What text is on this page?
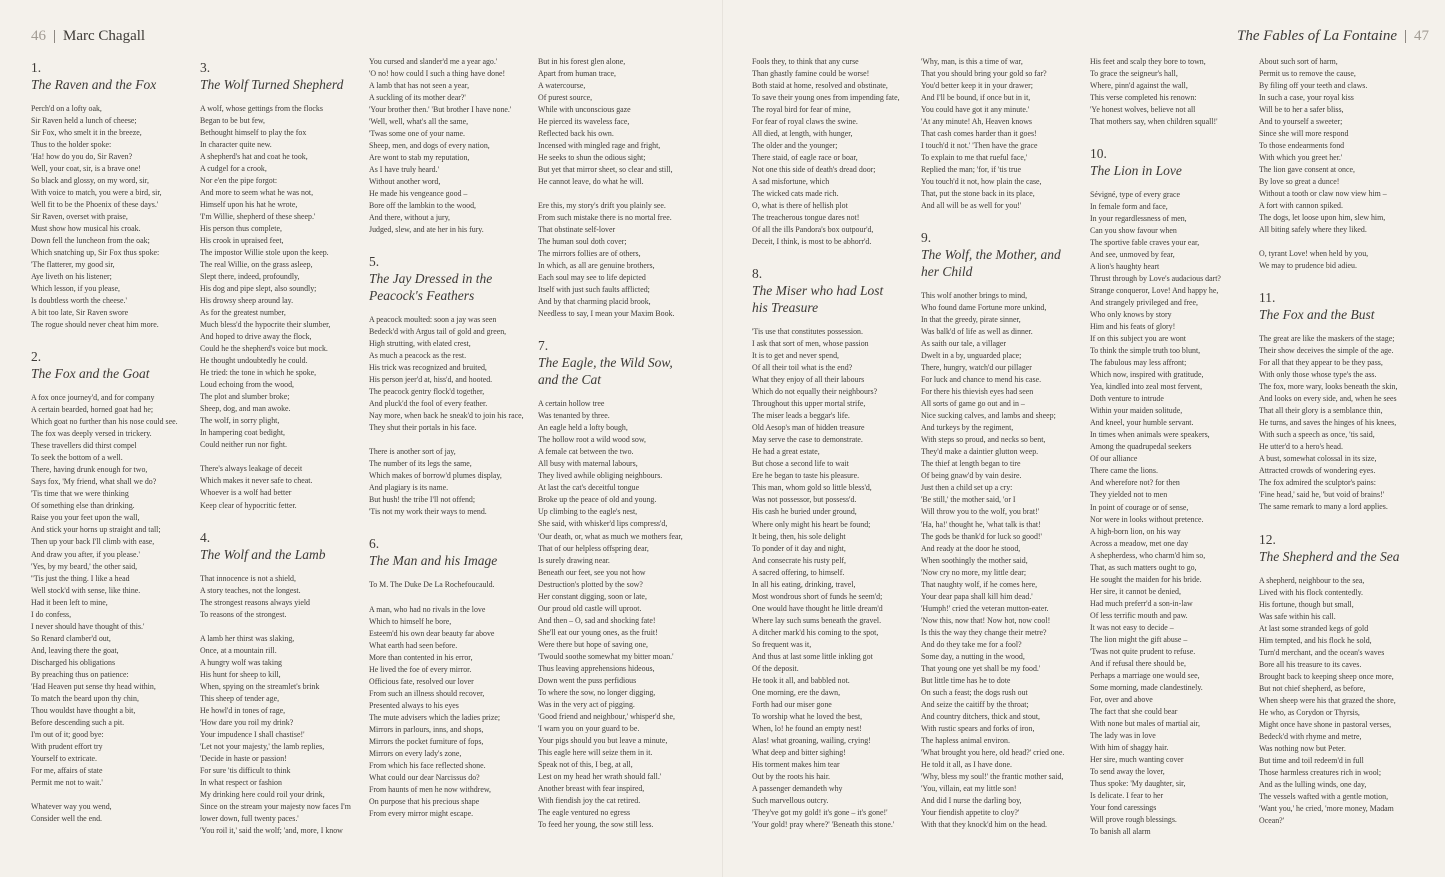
46 | Marc Chagall	The Fables of La Fontaine | 47
1.
The Raven and the Fox

Perch'd on a lofty oak,

Sir Raven held a lunch of cheese;

Sir Fox, who smelt it in the breeze,

Thus to the holder spoke:

'Ha! how do you do, Sir Raven?

Well, your coat, sir, is a brave one!

So black and glossy, on my word, sir,

With voice to match, you were a bird, sir,

Well fit to be the Phoenix of these days.'

Sir Raven, overset with praise,

Must show how musical his croak.

Down fell the luncheon from the oak;

Which snatching up, Sir Fox thus spoke:

'The flatterer, my good sir,

Aye liveth on his listener;

Which lesson, if you please,

Is doubtless worth the cheese.'

A bit too late, Sir Raven swore

The rogue should never cheat him more.

2.
The Fox and the Goat

A fox once journey'd, and for company

A certain bearded, horned goat had he;

Which goat no further than his nose could see.

The fox was deeply versed in trickery.

These travellers did thirst compel

To seek the bottom of a well.

There, having drunk enough for two,

Says fox, 'My friend, what shall we do?

'Tis time that we were thinking

Of something else than drinking.

Raise you your feet upon the wall,

And stick your horns up straight and tall;

Then up your back I'll climb with ease,

And draw you after, if you please.'

'Yes, by my beard,' the other said,

''Tis just the thing. I like a head

Well stock'd with sense, like thine.

Had it been left to mine,

I do confess,

I never should have thought of this.'

So Renard clamber'd out,

And, leaving there the goat,

Discharged his obligations

By preaching thus on patience:

'Had Heaven put sense thy head within,

To match the beard upon thy chin,

Thou wouldst have thought a bit,

Before descending such a pit.

I'm out of it; good bye:

With prudent effort try

Yourself to extricate.

For me, affairs of state

Permit me not to wait.'

Whatever way you wend,

Consider well the end.

3.
The Wolf Turned Shepherd

A wolf, whose gettings from the flocks

Began to be but few,

Bethought himself to play the fox

In character quite new.

A shepherd's hat and coat he took,

A cudgel for a crook,

Nor e'en the pipe forgot:

And more to seem what he was not,

Himself upon his hat he wrote,

'I'm Willie, shepherd of these sheep.'

His person thus complete,

His crook in upraised feet,

The impostor Willie stole upon the keep.

The real Willie, on the grass asleep,

Slept there, indeed, profoundly,

His dog and pipe slept, also soundly;

His drowsy sheep around lay.

As for the greatest number,

Much bless'd the hypocrite their slumber,

And hoped to drive away the flock,

Could he the shepherd's voice but mock.

He thought undoubtedly he could.

He tried: the tone in which he spoke,

Loud echoing from the wood,

The plot and slumber broke;

Sheep, dog, and man awoke.

The wolf, in sorry plight,

In hampering coat bedight,

Could neither run nor fight.

There's always leakage of deceit

Which makes it never safe to cheat.

Whoever is a wolf had better

Keep clear of hypocritic fetter.

4.
The Wolf and the Lamb

That innocence is not a shield,

A story teaches, not the longest.

The strongest reasons always yield

To reasons of the strongest.

A lamb her thirst was slaking,

Once, at a mountain rill.

A hungry wolf was taking

His hunt for sheep to kill,

When, spying on the streamlet's brink

This sheep of tender age,

He howl'd in tones of rage,

'How dare you roil my drink?

Your impudence I shall chastise!'

'Let not your majesty,' the lamb replies,

'Decide in haste or passion!

For sure 'tis difficult to think

In what respect or fashion

My drinking here could roil your drink,

Since on the stream your majesty now faces I'm

lower down, full twenty paces.'

'You roil it,' said the wolf; 'and, more, I know

You cursed and slander'd me a year ago.'

'O no! how could I such a thing have done!

A lamb that has not seen a year,

A suckling of its mother dear?'

'Your brother then.' 'But brother I have none.'

'Well, well, what's all the same,

'Twas some one of your name.

Sheep, men, and dogs of every nation,

Are wont to stab my reputation,

As I have truly heard.'

Without another word,

He made his vengeance good –

Bore off the lambkin to the wood,

And there, without a jury,

Judged, slew, and ate her in his fury.

5.
The Jay Dressed in the Peacock's Feathers

A peacock moulted: soon a jay was seen

Bedeck'd with Argus tail of gold and green,

High strutting, with elated crest,

As much a peacock as the rest.

His trick was recognized and bruited,

His person jeer'd at, hiss'd, and hooted.

The peacock gentry flock'd together,

And pluck'd the fool of every feather.

Nay more, when back he sneak'd to join his race,

They shut their portals in his face.

There is another sort of jay,

The number of its legs the same,

Which makes of borrow'd plumes display,

And plagiary is its name.

But hush! the tribe I'll not offend;

'Tis not my work their ways to mend.

6.
The Man and his Image

To M. The Duke De La Rochefoucauld.

A man, who had no rivals in the love

Which to himself he bore,

Esteem'd his own dear beauty far above

What earth had seen before.

More than contented in his error,

He lived the foe of every mirror.

Officious fate, resolved our lover

From such an illness should recover,

Presented always to his eyes

The mute advisers which the ladies prize;

Mirrors in parlours, inns, and shops,

Mirrors the pocket furniture of fops,

Mirrors on every lady's zone,

From which his face reflected shone.

What could our dear Narcissus do?

From haunts of men he now withdrew,

On purpose that his precious shape

From every mirror might escape.

But in his forest glen alone,

Apart from human trace,

A watercourse,

Of purest source,

While with unconscious gaze

He pierced its waveless face,

Reflected back his own.

Incensed with mingled rage and fright,

He seeks to shun the odious sight;

But yet that mirror sheet, so clear and still,

He cannot leave, do what he will.

Ere this, my story's drift you plainly see.

From such mistake there is no mortal free.

That obstinate self-lover

The human soul doth cover;

The mirrors follies are of others,

In which, as all are genuine brothers,

Each soul may see to life depicted

Itself with just such faults afflicted;

And by that charming placid brook,

Needless to say, I mean your Maxim Book.

7.
The Eagle, the Wild Sow, and the Cat

A certain hollow tree

Was tenanted by three.

An eagle held a lofty bough,

The hollow root a wild wood sow,

A female cat between the two.

All busy with maternal labours,

They lived awhile obliging neighbours.

At last the cat's deceitful tongue

Broke up the peace of old and young.

Up climbing to the eagle's nest,

She said, with whisker'd lips compress'd,

'Our death, or, what as much we mothers fear,

That of our helpless offspring dear,

Is surely drawing near.

Beneath our feet, see you not how

Destruction's plotted by the sow?

Her constant digging, soon or late,

Our proud old castle will uproot.

And then – O, sad and shocking fate!

She'll eat our young ones, as the fruit!

Were there but hope of saving one,

'Twould soothe somewhat my bitter moan.'

Thus leaving apprehensions hideous,

Down went the puss perfidious

To where the sow, no longer digging,

Was in the very act of pigging.

'Good friend and neighbour,' whisper'd she,

'I warn you on your guard to be.

Your pigs should you but leave a minute,

This eagle here will seize them in it.

Speak not of this, I beg, at all,

Lest on my head her wrath should fall.'

Another breast with fear inspired,

With fiendish joy the cat retired.

The eagle ventured no egress

To feed her young, the sow still less.

Fools they, to think that any curse

Than ghastly famine could be worse!

Both staid at home, resolved and obstinate,

To save their young ones from impending fate,

The royal bird for fear of mine,

For fear of royal claws the swine.

All died, at length, with hunger,

The older and the younger;

There staid, of eagle race or boar,

Not one this side of death's dread door;

A sad misfortune, which

The wicked cats made rich.

O, what is there of hellish plot

The treacherous tongue dares not!

Of all the ills Pandora's box outpour'd,

Deceit, I think, is most to be abhorr'd.

8.
The Miser who had Lost his Treasure

'Tis use that constitutes possession.

I ask that sort of men, whose passion

It is to get and never spend,

Of all their toil what is the end?

What they enjoy of all their labours

Which do not equally their neighbours?

Throughout this upper mortal strife,

The miser leads a beggar's life.

Old Aesop's man of hidden treasure

May serve the case to demonstrate.

He had a great estate,

But chose a second life to wait

Ere he began to taste his pleasure.

This man, whom gold so little bless'd,

Was not possessor, but possess'd.

His cash he buried under ground,

Where only might his heart be found;

It being, then, his sole delight

To ponder of it day and night,

And consecrate his rusty pelf,

A sacred offering, to himself.

In all his eating, drinking, travel,

Most wondrous short of funds he seem'd;

One would have thought he little dream'd

Where lay such sums beneath the gravel.

A ditcher mark'd his coming to the spot,

So frequent was it,

And thus at last some little inkling got

Of the deposit.

He took it all, and babbled not.

One morning, ere the dawn,

Forth had our miser gone

To worship what he loved the best,

When, lo! he found an empty nest!

Alas! what groaning, wailing, crying!

What deep and bitter sighing!

His torment makes him tear

Out by the roots his hair.

A passenger demandeth why

Such marvellous outcry.

'They've got my gold! it's gone – it's gone!'

'Your gold! pray where?' 'Beneath this stone.'

'Why, man, is this a time of war,

That you should bring your gold so far?

You'd better keep it in your drawer;

And I'll be bound, if once but in it,

You could have got it any minute.'

'At any minute! Ah, Heaven knows

That cash comes harder than it goes!

I touch'd it not.' 'Then have the grace

To explain to me that rueful face,'

Replied the man; 'for, if 'tis true

You touch'd it not, how plain the case,

That, put the stone back in its place,

And all will be as well for you!'

9.
The Wolf, the Mother, and her Child

This wolf another brings to mind,

Who found dame Fortune more unkind,

In that the greedy, pirate sinner,

Was balk'd of life as well as dinner.

As saith our tale, a villager

Dwelt in a by, unguarded place;

There, hungry, watch'd our pillager

For luck and chance to mend his case.

For there his thievish eyes had seen

All sorts of game go out and in –

Nice sucking calves, and lambs and sheep;

And turkeys by the regiment,

With steps so proud, and necks so bent,

They'd make a daintier glutton weep.

The thief at length began to tire

Of being gnaw'd by vain desire.

Just then a child set up a cry:

'Be still,' the mother said, 'or I

Will throw you to the wolf, you brat!'

'Ha, ha!' thought he, 'what talk is that!

The gods be thank'd for luck so good!'

And ready at the door he stood,

When soothingly the mother said,

'Now cry no more, my little dear;

That naughty wolf, if he comes here,

Your dear papa shall kill him dead.'

'Humph!' cried the veteran mutton-eater.

'Now this, now that! Now hot, now cool!

Is this the way they change their metre?

And do they take me for a fool?

Some day, a nutting in the wood,

That young one yet shall be my food.'

But little time has he to dote

On such a feast; the dogs rush out

And seize the caitiff by the throat;

And country ditchers, thick and stout,

With rustic spears and forks of iron,

The hapless animal environ.

'What brought you here, old head?' cried one.

He told it all, as I have done.

'Why, bless my soul!' the frantic mother said,

'You, villain, eat my little son!

And did I nurse the darling boy,

Your fiendish appetite to cloy?'

With that they knock'd him on the head.

His feet and scalp they bore to town,

To grace the seigneur's hall,

Where, pinn'd against the wall,

This verse completed his renown:

'Ye honest wolves, believe not all

That mothers say, when children squall!'

10.
The Lion in Love

Sévigné, type of every grace

In female form and face,

In your regardlessness of men,

Can you show favour when

The sportive fable craves your ear,

And see, unmoved by fear,

A lion's haughty heart

Thrust through by Love's audacious dart?

Strange conqueror, Love! And happy he,

And strangely privileged and free,

Who only knows by story

Him and his feats of glory!

If on this subject you are wont

To think the simple truth too blunt,

The fabulous may less affront;

Which now, inspired with gratitude,

Yea, kindled into zeal most fervent,

Doth venture to intrude

Within your maiden solitude,

And kneel, your humble servant.

In times when animals were speakers,

Among the quadrupedal seekers

Of our alliance

There came the lions.

And wherefore not? for then

They yielded not to men

In point of courage or of sense,

Nor were in looks without pretence.

A high-born lion, on his way

Across a meadow, met one day

A shepherdess, who charm'd him so,

That, as such matters ought to go,

He sought the maiden for his bride.

Her sire, it cannot be denied,

Had much preferr'd a son-in-law

Of less terrific mouth and paw.

It was not easy to decide –

The lion might the gift abuse –

'Twas not quite prudent to refuse.

And if refusal there should be,

Perhaps a marriage one would see,

Some morning, made clandestinely.

For, over and above

The fact that she could bear

With none but males of martial air,

The lady was in love

With him of shaggy hair.

Her sire, much wanting cover

To send away the lover,

Thus spoke: 'My daughter, sir,

Is delicate. I fear to her

Your fond caressings

Will prove rough blessings.

To banish all alarm

About such sort of harm,

Permit us to remove the cause,

By filing off your teeth and claws.

In such a case, your royal kiss

Will be to her a safer bliss,

And to yourself a sweeter;

Since she will more respond

To those endearments fond

With which you greet her.'

The lion gave consent at once,

By love so great a dunce!

Without a tooth or claw now view him –

A fort with cannon spiked.

The dogs, let loose upon him, slew him,

All biting safely where they liked.

O, tyrant Love! when held by you,

We may to prudence bid adieu.

11.
The Fox and the Bust

The great are like the maskers of the stage;

Their show deceives the simple of the age.

For all that they appear to be they pass,

With only those whose type's the ass.

The fox, more wary, looks beneath the skin,

And looks on every side, and, when he sees

That all their glory is a semblance thin,

He turns, and saves the hinges of his knees,

With such a speech as once, 'tis said,

He utter'd to a hero's head.

A bust, somewhat colossal in its size,

Attracted crowds of wondering eyes.

The fox admired the sculptor's pains:

'Fine head,' said he, 'but void of brains!'

The same remark to many a lord applies.

12.
The Shepherd and the Sea

A shepherd, neighbour to the sea,

Lived with his flock contentedly.

His fortune, though but small,

Was safe within his call.

At last some stranded kegs of gold

Him tempted, and his flock he sold,

Turn'd merchant, and the ocean's waves

Bore all his treasure to its caves.

Brought back to keeping sheep once more,

But not chief shepherd, as before,

When sheep were his that grazed the shore,

He who, as Corydon or Thyrsis,

Might once have shone in pastoral verses,

Bedeck'd with rhyme and metre,

Was nothing now but Peter.

But time and toil redeem'd in full

Those harmless creatures rich in wool;

And as the lulling winds, one day,

The vessels wafted with a gentle motion,

'Want you,' he cried, 'more money, Madam

Ocean?'
